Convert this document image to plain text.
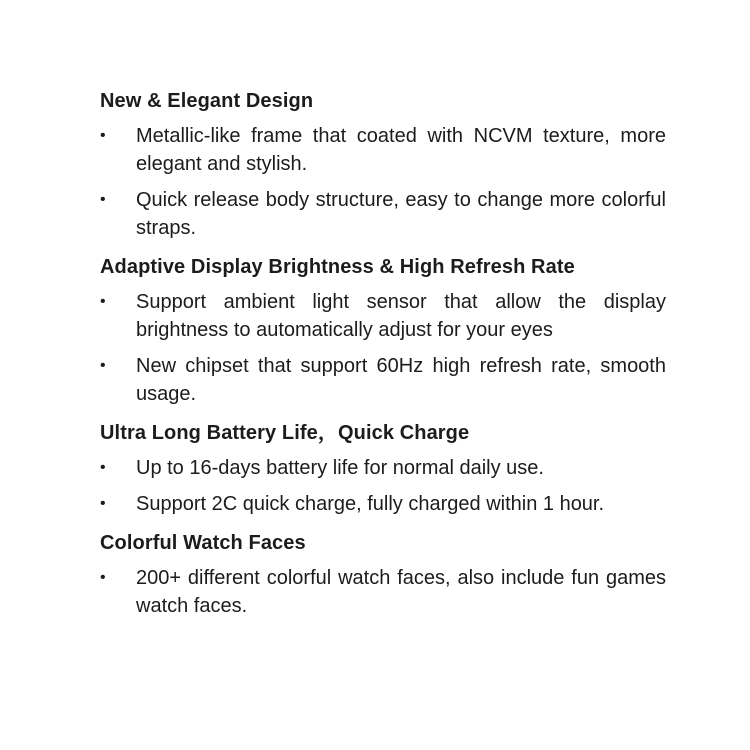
New & Elegant Design
•	Metallic-like frame that coated with NCVM texture, more elegant and stylish.
•	Quick release body structure, easy to change more colorful straps.
Adaptive Display Brightness & High Refresh Rate
•	Support ambient light sensor that allow the display brightness to automatically adjust for your eyes
•	New chipset that support 60Hz high refresh rate, smooth usage.
Ultra Long Battery Life，Quick Charge
•	Up to 16-days battery life for normal daily use.
•	Support 2C quick charge, fully charged within 1 hour.
Colorful Watch Faces
•	200+ different colorful watch faces, also include fun games watch faces.
